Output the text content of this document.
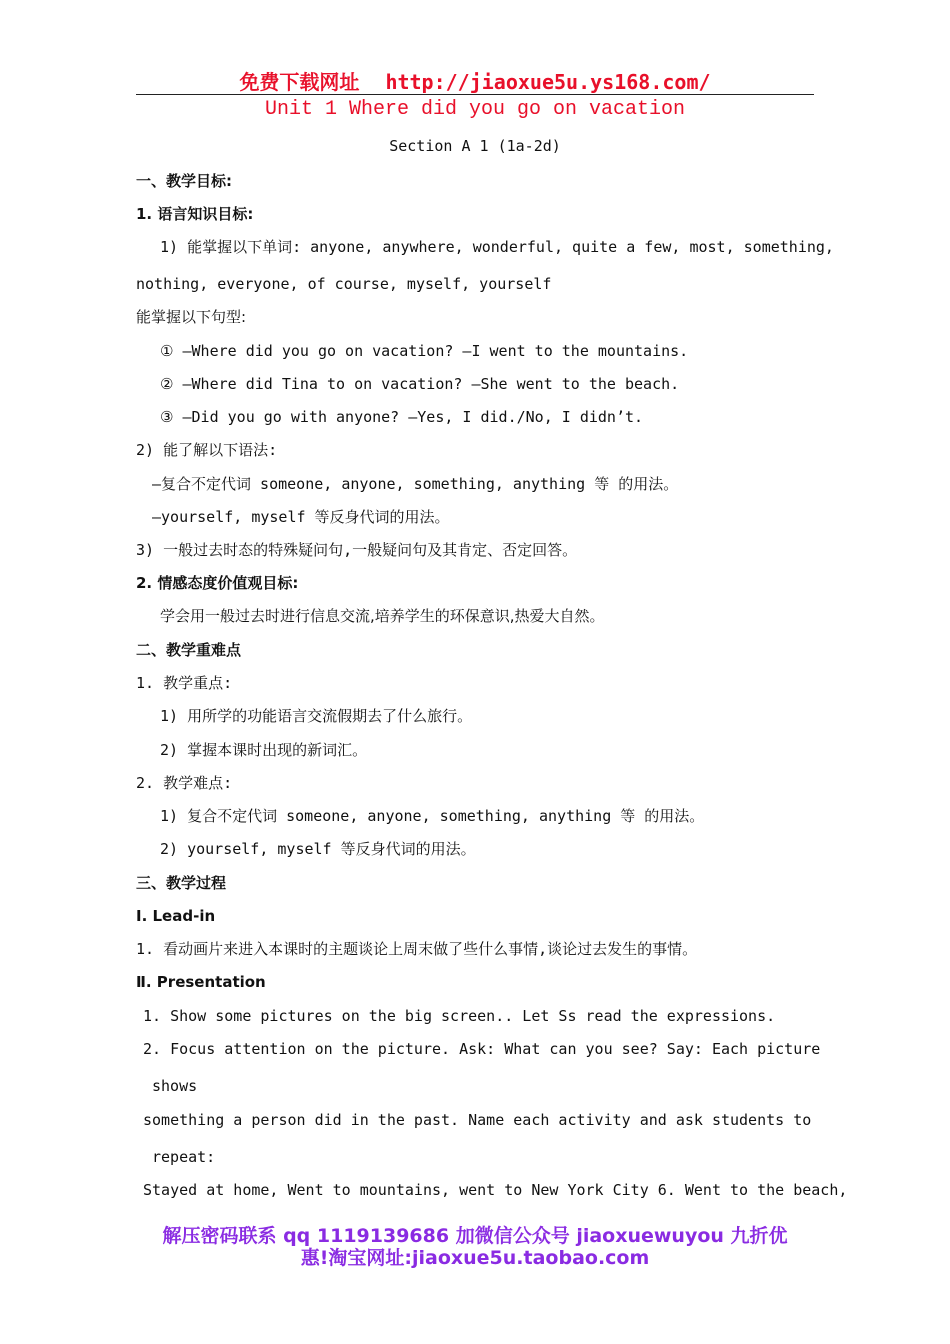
免费下载网址 http://jiaoxue5u.ys168.com/
Unit 1 Where did you go on vacation
Section A 1 (1a-2d)
一、教学目标:
1. 语言知识目标:
1) 能掌握以下单词: anyone, anywhere, wonderful, quite a few, most, something,
nothing, everyone, of course, myself, yourself
能掌握以下句型:
① —Where did you go on vacation? —I went to the mountains.
② —Where did Tina to on vacation? —She went to the beach.
③ —Did you go with anyone? —Yes, I did./No, I didn’t.
2) 能了解以下语法:
—复合不定代词 someone, anyone, something, anything 等 的用法。
—yourself, myself 等反身代词的用法。
3) 一般过去时态的特殊疑问句,一般疑问句及其肯定、否定回答。
2. 情感态度价值观目标:
学会用一般过去时进行信息交流,培养学生的环保意识,热爱大自然。
二、教学重难点
1. 教学重点:
1) 用所学的功能语言交流假期去了什么旅行。
2) 掌握本课时出现的新词汇。
2. 教学难点:
1) 复合不定代词 someone, anyone, something, anything 等 的用法。
2) yourself, myself 等反身代词的用法。
三、教学过程
Ⅰ. Lead-in
1. 看动画片来进入本课时的主题谈论上周末做了些什么事情,谈论过去发生的事情。
Ⅱ. Presentation
1. Show some pictures on the big screen.. Let Ss read the expressions.
2. Focus attention on the picture. Ask: What can you see? Say: Each picture
shows
something a person did in the past. Name each activity and ask students to
repeat:
Stayed at home, Went to mountains, went to New York City 6. Went to the beach,
解压密码联系 qq 1119139686 加微信公众号 jiaoxuewuyou 九折优
惠!淘宝网址:jiaoxue5u.taobao.com
